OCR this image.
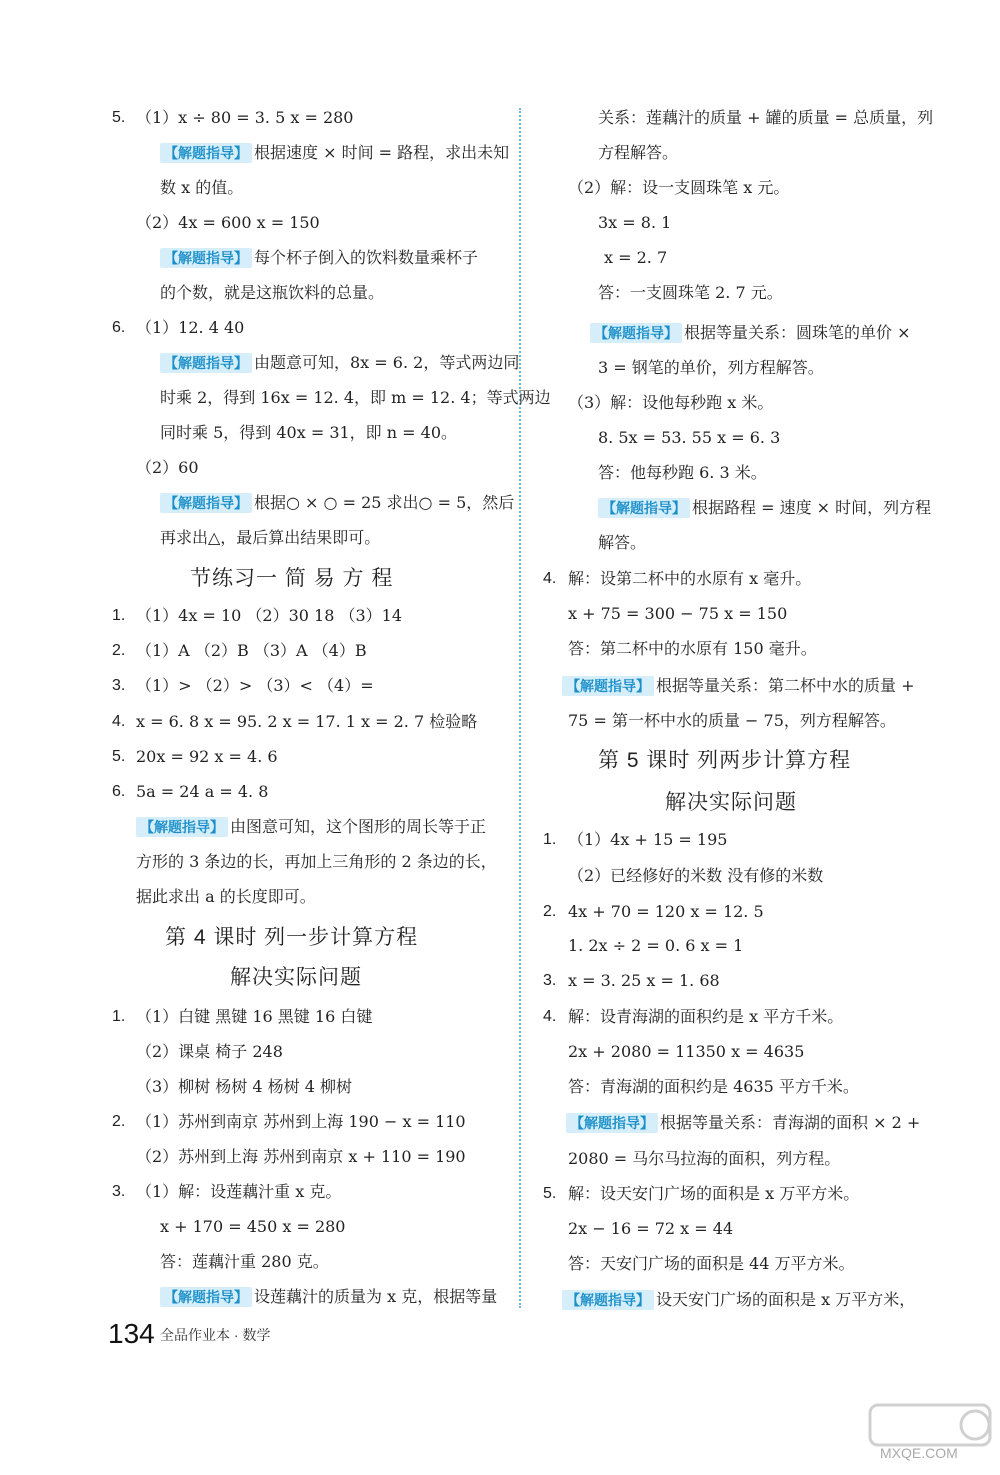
5. （1）x ÷ 80 = 3. 5 x = 280
【 解题指导 】 根据速度 × 时间 = 路程，求出未知
数 x 的值。
（2）4x = 600 x = 150
【 解题指导 】 每个杯子倒入的饮料数量乘杯子
的个数，就是这瓶饮料的总量。
6. （1）12. 4 40
【 解题指导 】 由题意可知，8x = 6. 2，等式两边同
时乘 2，得到 16x = 12. 4，即 m = 12. 4；等式两边
同时乘 5，得到 40x = 31，即 n = 40。
（2）60
【 解题指导 】 根据○ × ○ = 25 求出○ = 5，然后
再求出△，最后算出结果即可。
节练习一 简 易 方 程
1. （1）4x = 10 （2）30 18 （3）14
2. （1）A （2）B （3）A （4）B
3. （1）> （2）> （3）< （4）=
4. x = 6. 8 x = 95. 2 x = 17. 1 x = 2. 7 检验略
5. 20x = 92 x = 4. 6
6. 5a = 24 a = 4. 8
【 解题指导 】 由图意可知，这个图形的周长等于正
方形的 3 条边的长，再加上三角形的 2 条边的长，
据此求出 a 的长度即可。
第 4 课时 列一步计算方程
解决实际问题
1. （1）白键 黑键 16 黑键 16 白键
（2）课桌 椅子 248
（3）柳树 杨树 4 杨树 4 柳树
2. （1）苏州到南京 苏州到上海 190 − x = 110
（2）苏州到上海 苏州到南京 x + 110 = 190
3. （1）解：设莲藕汁重 x 克。
x + 170 = 450 x = 280
答：莲藕汁重 280 克。
【 解题指导 】 设莲藕汁的质量为 x 克，根据等量
关系：莲藕汁的质量 + 罐的质量 = 总质量，列
方程解答。
（2）解：设一支圆珠笔 x 元。
3x = 8. 1
x = 2. 7
答：一支圆珠笔 2. 7 元。
【 解题指导 】 根据等量关系：圆珠笔的单价 ×
3 = 钢笔的单价，列方程解答。
（3）解：设他每秒跑 x 米。
8. 5x = 53. 55 x = 6. 3
答：他每秒跑 6. 3 米。
【 解题指导 】 根据路程 = 速度 × 时间，列方程
解答。
4. 解：设第二杯中的水原有 x 毫升。
x + 75 = 300 − 75 x = 150
答：第二杯中的水原有 150 毫升。
【 解题指导 】 根据等量关系：第二杯中水的质量 +
75 = 第一杯中水的质量 − 75，列方程解答。
第 5 课时 列两步计算方程
解决实际问题
1. （1）4x + 15 = 195
（2）已经修好的米数 没有修的米数
2. 4x + 70 = 120 x = 12. 5
1. 2x ÷ 2 = 0. 6 x = 1
3. x = 3. 25 x = 1. 68
4. 解：设青海湖的面积约是 x 平方千米。
2x + 2080 = 11350 x = 4635
答：青海湖的面积约是 4635 平方千米。
【 解题指导 】 根据等量关系：青海湖的面积 × 2 +
2080 = 马尔马拉海的面积，列方程。
5. 解：设天安门广场的面积是 x 万平方米。
2x − 16 = 72 x = 44
答：天安门广场的面积是 44 万平方米。
【 解题指导 】 设天安门广场的面积是 x 万平方米，
134 全品作业本 · 数学
MXQE.COM
